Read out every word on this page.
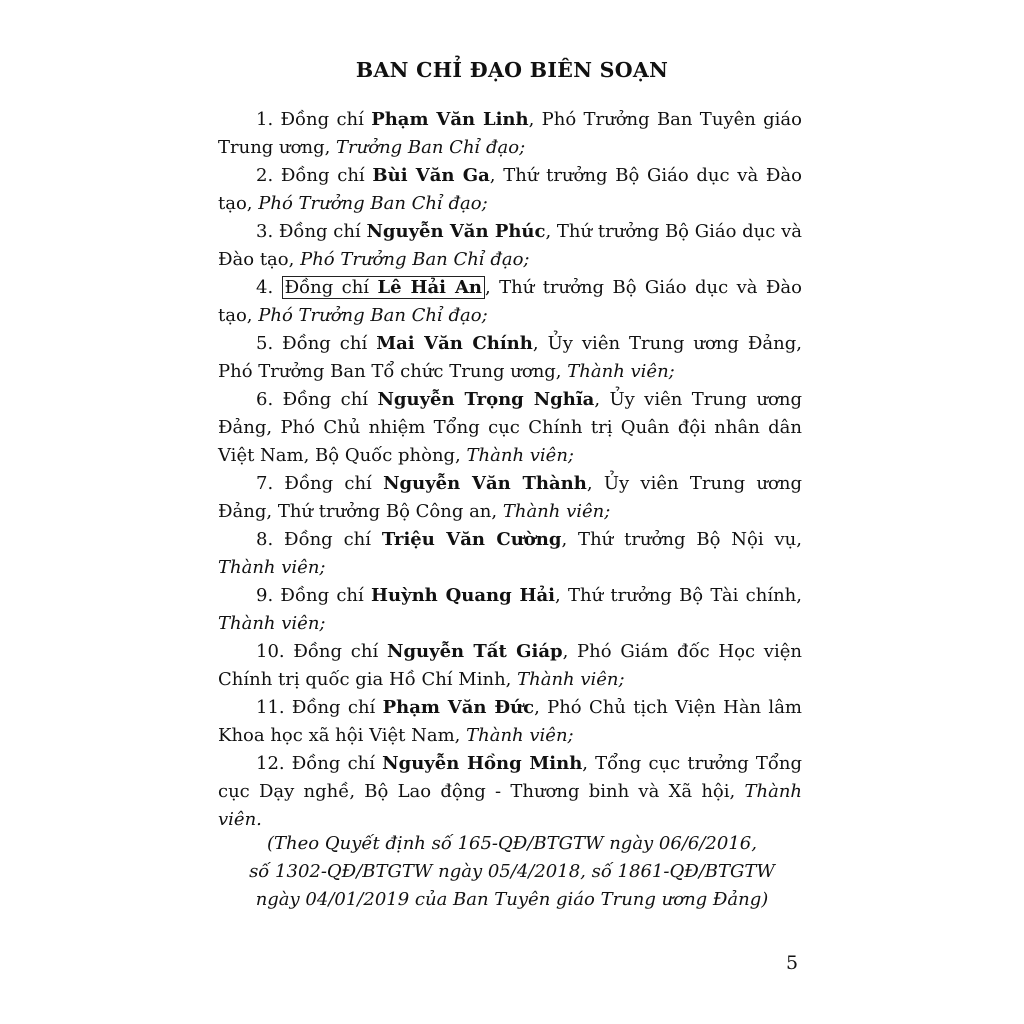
BAN CHỈ ĐẠO BIÊN SOẠN

1. Đồng chí Phạm Văn Linh, Phó Trưởng Ban Tuyên giáo Trung ương, Trưởng Ban Chỉ đạo;

2. Đồng chí Bùi Văn Ga, Thứ trưởng Bộ Giáo dục và Đào tạo, Phó Trưởng Ban Chỉ đạo;

3. Đồng chí Nguyễn Văn Phúc, Thứ trưởng Bộ Giáo dục và Đào tạo, Phó Trưởng Ban Chỉ đạo;

4. Đồng chí Lê Hải An , Thứ trưởng Bộ Giáo dục và Đào tạo, Phó Trưởng Ban Chỉ đạo;

5. Đồng chí Mai Văn Chính, Ủy viên Trung ương Đảng, Phó Trưởng Ban Tổ chức Trung ương, Thành viên;

6. Đồng chí Nguyễn Trọng Nghĩa, Ủy viên Trung ương Đảng, Phó Chủ nhiệm Tổng cục Chính trị Quân đội nhân dân Việt Nam, Bộ Quốc phòng, Thành viên;

7. Đồng chí Nguyễn Văn Thành, Ủy viên Trung ương Đảng, Thứ trưởng Bộ Công an, Thành viên;

8. Đồng chí Triệu Văn Cường, Thứ trưởng Bộ Nội vụ, Thành viên;

9. Đồng chí Huỳnh Quang Hải, Thứ trưởng Bộ Tài chính, Thành viên;

10. Đồng chí Nguyễn Tất Giáp, Phó Giám đốc Học viện Chính trị quốc gia Hồ Chí Minh, Thành viên;

11. Đồng chí Phạm Văn Đức, Phó Chủ tịch Viện Hàn lâm Khoa học xã hội Việt Nam, Thành viên;

12. Đồng chí Nguyễn Hồng Minh, Tổng cục trưởng Tổng cục Dạy nghề, Bộ Lao động - Thương binh và Xã hội, Thành viên.

(Theo Quyết định số 165-QĐ/BTGTW ngày 06/6/2016,
số 1302-QĐ/BTGTW ngày 05/4/2018, số 1861-QĐ/BTGTW
ngày 04/01/2019 của Ban Tuyên giáo Trung ương Đảng)
5
